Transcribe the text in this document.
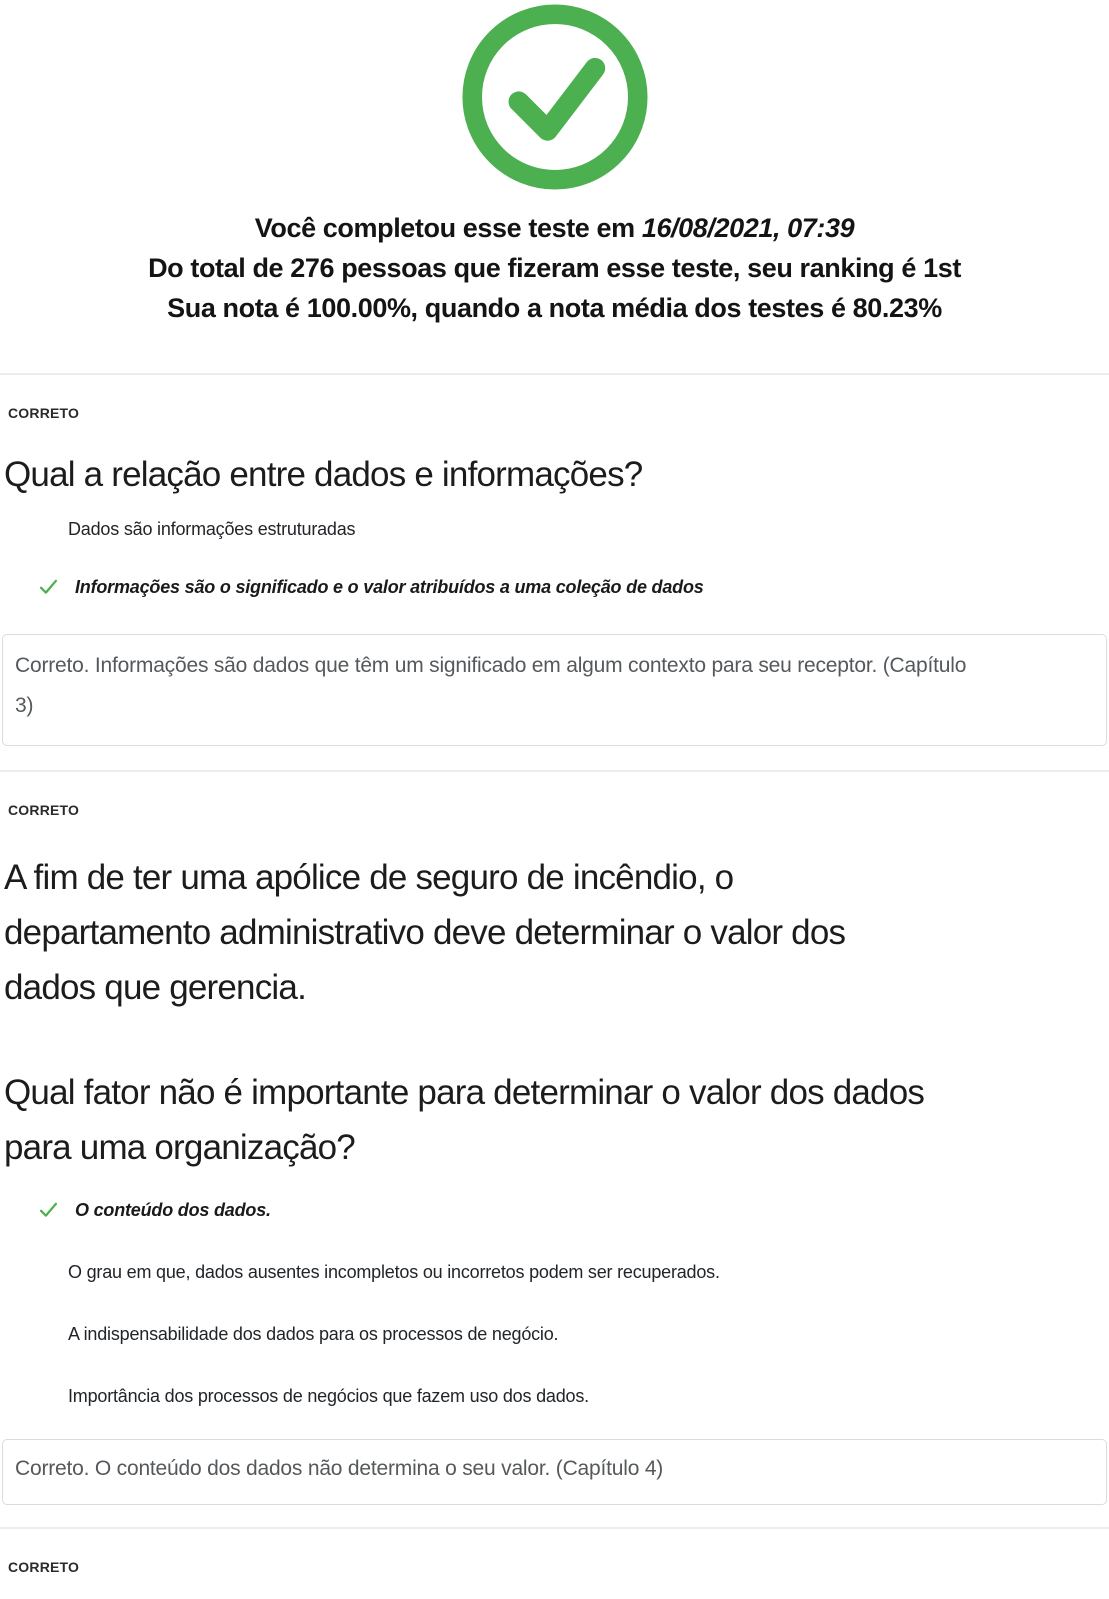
Você completou esse teste em 16/08/2021, 07:39
Do total de 276 pessoas que fizeram esse teste, seu ranking é 1st
Sua nota é 100.00%, quando a nota média dos testes é 80.23%
CORRETO
Qual a relação entre dados e informações?
Dados são informações estruturadas
Informações são o significado e o valor atribuídos a uma coleção de dados
Correto. Informações são dados que têm um significado em algum contexto para seu receptor. (Capítulo 3)
CORRETO
A fim de ter uma apólice de seguro de incêndio, o
departamento administrativo deve determinar o valor dos
dados que gerencia.
Qual fator não é importante para determinar o valor dos dados
para uma organização?
O conteúdo dos dados.
O grau em que, dados ausentes incompletos ou incorretos podem ser recuperados.
A indispensabilidade dos dados para os processos de negócio.
Importância dos processos de negócios que fazem uso dos dados.
Correto. O conteúdo dos dados não determina o seu valor. (Capítulo 4)
CORRETO
